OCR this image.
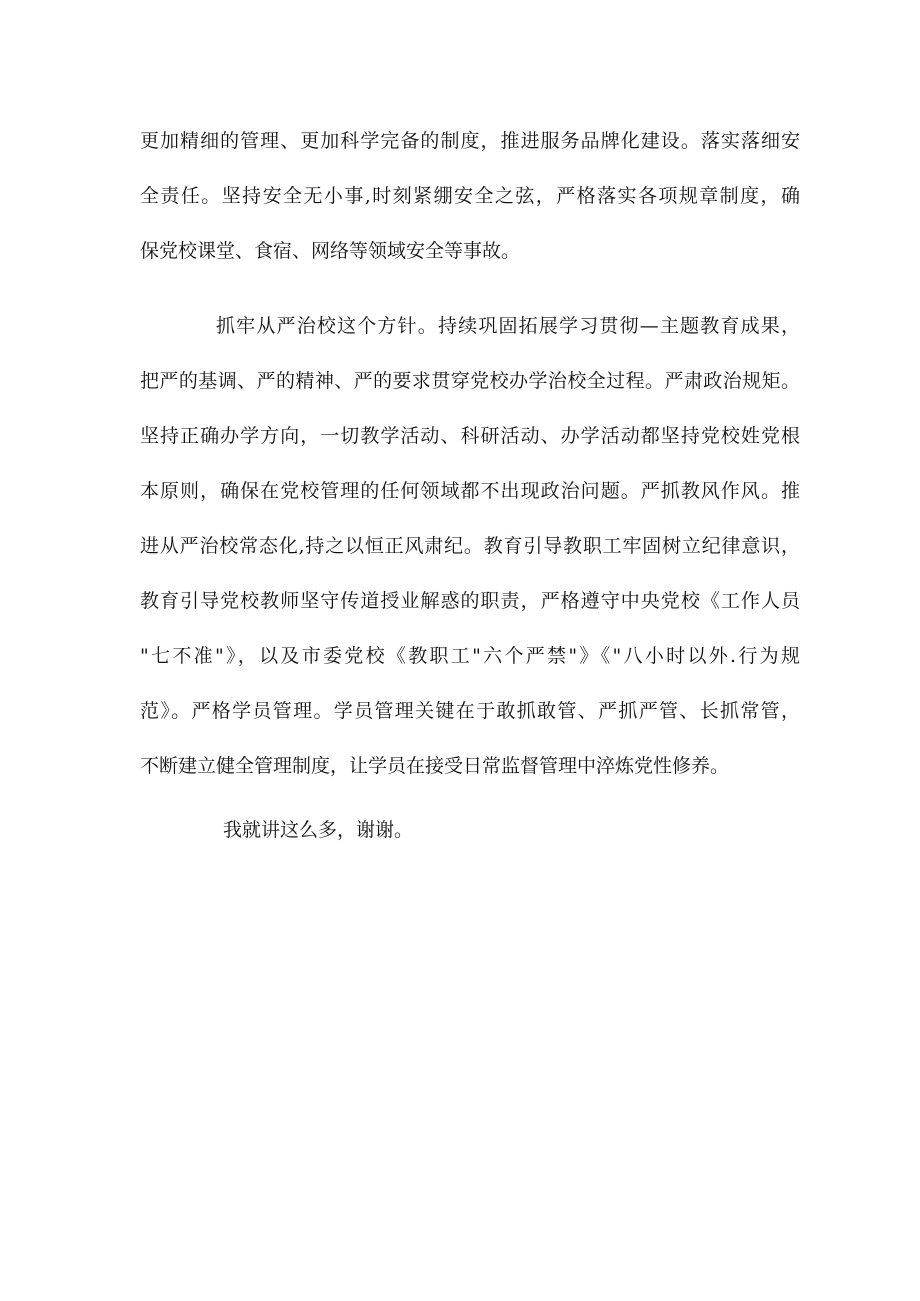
更加精细的管理、更加科学完备的制度，推进服务品牌化建设。落实落细安
全责任。坚持安全无小事,时刻紧绷安全之弦，严格落实各项规章制度，确
保党校课堂、食宿、网络等领域安全等事故。
抓牢从严治校这个方针。持续巩固拓展学习贯彻—主题教育成果，
把严的基调、严的精神、严的要求贯穿党校办学治校全过程。严肃政治规矩。
坚持正确办学方向，一切教学活动、科研活动、办学活动都坚持党校姓党根
本原则，确保在党校管理的任何领域都不出现政治问题。严抓教风作风。推
进从严治校常态化,持之以恒正风肃纪。教育引导教职工牢固树立纪律意识，
教育引导党校教师坚守传道授业解惑的职责，严格遵守中央党校《工作人员
"七不准"》，以及市委党校《教职工"六个严禁"》《"八小时以外.行为规
范》。严格学员管理。学员管理关键在于敢抓敢管、严抓严管、长抓常管，
不断建立健全管理制度，让学员在接受日常监督管理中淬炼党性修养。
我就讲这么多，谢谢。
